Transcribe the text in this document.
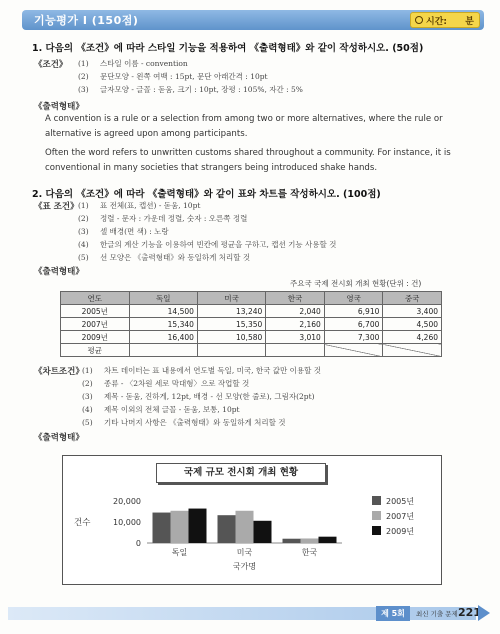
기능평가 Ⅰ (150점)	시간: 분
1. 다음의 《조건》에 따라 스타일 기능을 적용하여 《출력형태》와 같이 작성하시오. (50점)
《조건》 (1) 스타일 이름 - convention
(2) 문단모양 - 왼쪽 여백 : 15pt, 문단 아래간격 : 10pt
(3) 글자모양 - 글꼴 : 돋움, 크기 : 10pt, 장평 : 105%, 자간 : 5%
《출력형태》
A convention is a rule or a selection from among two or more alternatives, where the rule or alternative is agreed upon among participants.
Often the word refers to unwritten customs shared throughout a community. For instance, it is conventional in many societies that strangers being introduced shake hands.
2. 다음의 《조건》에 따라 《출력형태》와 같이 표와 차트를 작성하시오. (100점)
《표 조건》 (1) 표 전체(표, 캡션) - 돋움, 10pt
(2) 정렬 - 문자 : 가운데 정렬, 숫자 : 오른쪽 정렬
(3) 셀 배경(면 색) : 노랑
(4) 한글의 계산 기능을 이용하여 빈칸에 평균을 구하고, 캡션 기능 사용할 것
(5) 선 모양은 《출력형태》와 동일하게 처리할 것
《출력형태》
주요국 국제 전시회 개최 현황(단위 : 건)
연도	독일	미국	한국	영국	중국
2005년	14,500	13,240	2,040	6,910	3,400
2007년	15,340	15,350	2,160	6,700	4,500
2009년	16,400	10,580	3,010	7,300	4,260
평균					
《차트조건》
(1) 차트 데이터는 표 내용에서 연도별 독일, 미국, 한국 값만 이용할 것
(2) 종류 - 〈2차원 세로 막대형〉으로 작업할 것
(3) 제목 - 돋움, 진하게, 12pt, 배경 - 선 모양(한 줄로), 그림자(2pt)
(4) 제목 이외의 전체 글꼴 - 돋움, 보통, 10pt
(5) 기타 나머지 사항은 《출력형태》와 동일하게 처리할 것
《출력형태》
20,000
10,000
0
건수
독일	미국	한국
국가명
2005년
2007년
2009년
국제 규모 전시회 개최 현황
제 5회	최신 기출 문제 221
